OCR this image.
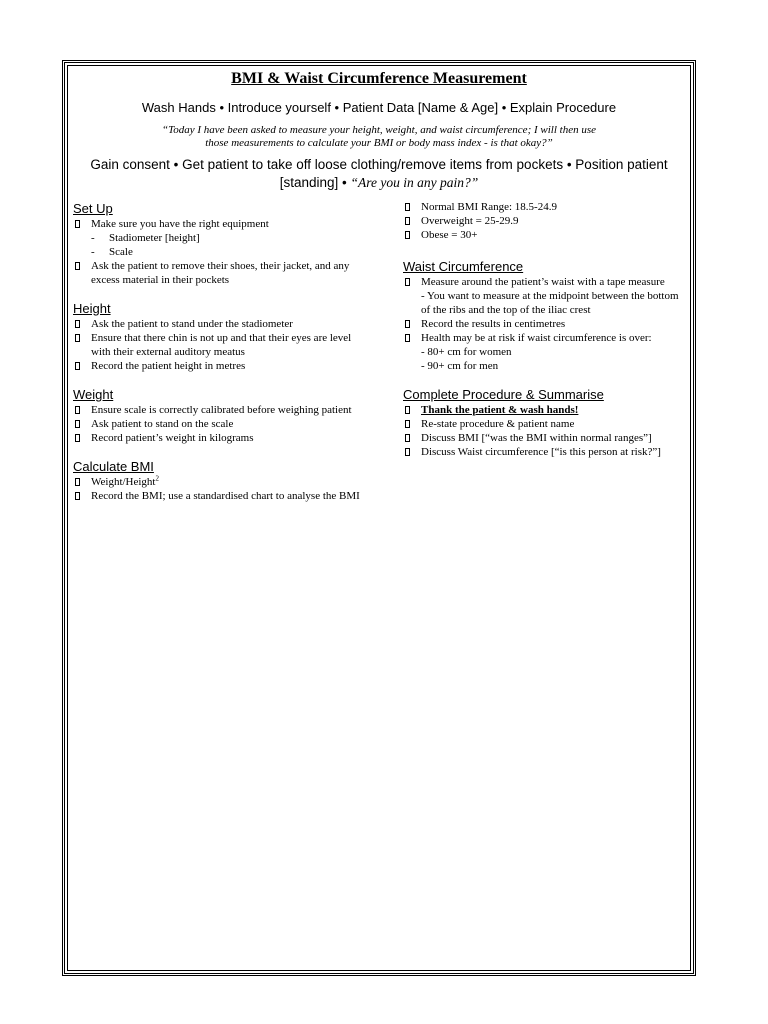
BMI & Waist Circumference Measurement
Wash Hands • Introduce yourself • Patient Data [Name & Age] • Explain Procedure
“Today I have been asked to measure your height, weight, and waist circumference; I will then use those measurements to calculate your BMI or body mass index - is that okay?”
Gain consent • Get patient to take off loose clothing/remove items from pockets • Position patient [standing] • “Are you in any pain?”
Set Up
Make sure you have the right equipment
- Stadiometer [height]
- Scale
Ask the patient to remove their shoes, their jacket, and any excess material in their pockets
Height
Ask the patient to stand under the stadiometer
Ensure that there chin is not up and that their eyes are level with their external auditory meatus
Record the patient height in metres
Weight
Ensure scale is correctly calibrated before weighing patient
Ask patient to stand on the scale
Record patient’s weight in kilograms
Calculate BMI
Weight/Height$^2$
Record the BMI; use a standardised chart to analyse the BMI
Normal BMI Range: 18.5-24.9
Overweight = 25-29.9
Obese = 30+
Waist Circumference
Measure around the patient’s waist with a tape measure
- You want to measure at the midpoint between the bottom of the ribs and the top of the iliac crest
Record the results in centimetres
Health may be at risk if waist circumference is over:
- 80+ cm for women
- 90+ cm for men
Complete Procedure & Summarise
Thank the patient & wash hands!
Re-state procedure & patient name
Discuss BMI [“was the BMI within normal ranges”]
Discuss Waist circumference [“is this person at risk?”]
